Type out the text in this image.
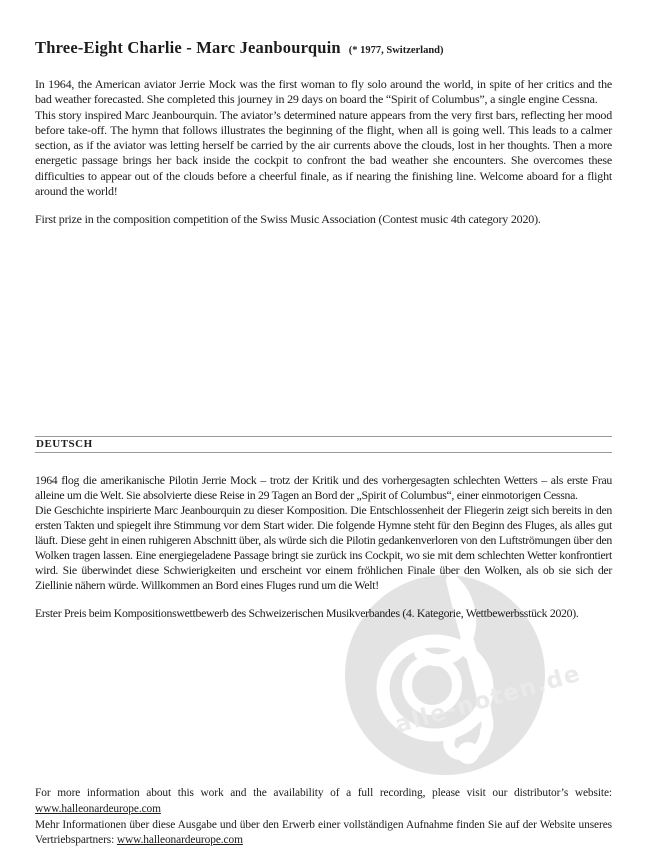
alle-noten.de
Three-Eight Charlie - Marc Jeanbourquin (* 1977, Switzerland)

In 1964, the American aviator Jerrie Mock was the first woman to fly solo around the world, in spite of her critics and the bad weather forecasted. She completed this journey in 29 days on board the “Spirit of Columbus”, a single engine Cessna.

This story inspired Marc Jeanbourquin. The aviator’s determined nature appears from the very first bars, reflecting her mood before take-off. The hymn that follows illustrates the beginning of the flight, when all is going well. This leads to a calmer section, as if the aviator was letting herself be carried by the air currents above the clouds, lost in her thoughts. Then a more energetic passage brings her back inside the cockpit to confront the bad weather she encounters. She overcomes these difficulties to appear out of the clouds before a cheerful finale, as if nearing the finishing line. Welcome aboard for a flight around the world!

First prize in the composition competition of the Swiss Music Association (Contest music 4th category 2020).

DEUTSCH

1964 flog die amerikanische Pilotin Jerrie Mock – trotz der Kritik und des vorhergesagten schlechten Wetters – als erste Frau alleine um die Welt. Sie absolvierte diese Reise in 29 Tagen an Bord der „Spirit of Columbus“, einer einmotorigen Cessna.

Die Geschichte inspirierte Marc Jeanbourquin zu dieser Komposition. Die Entschlossenheit der Fliegerin zeigt sich bereits in den ersten Takten und spiegelt ihre Stimmung vor dem Start wider. Die folgende Hymne steht für den Beginn des Fluges, als alles gut läuft. Diese geht in einen ruhigeren Abschnitt über, als würde sich die Pilotin gedankenverloren von den Luftströmungen über den Wolken tragen lassen. Eine energiegeladene Passage bringt sie zurück ins Cockpit, wo sie mit dem schlechten Wetter konfrontiert wird. Sie überwindet diese Schwierigkeiten und erscheint vor einem fröhlichen Finale über den Wolken, als ob sie sich der Ziellinie nähern würde. Willkommen an Bord eines Fluges rund um die Welt!

Erster Preis beim Kompositionswettbewerb des Schweizerischen Musikverbandes (4. Kategorie, Wettbewerbsstück 2020).

For more information about this work and the availability of a full recording, please visit our distributor’s website: www.halleonardeurope.com

Mehr Informationen über diese Ausgabe und über den Erwerb einer vollständigen Aufnahme finden Sie auf der Website unseres Vertriebspartners: www.halleonardeurope.com
